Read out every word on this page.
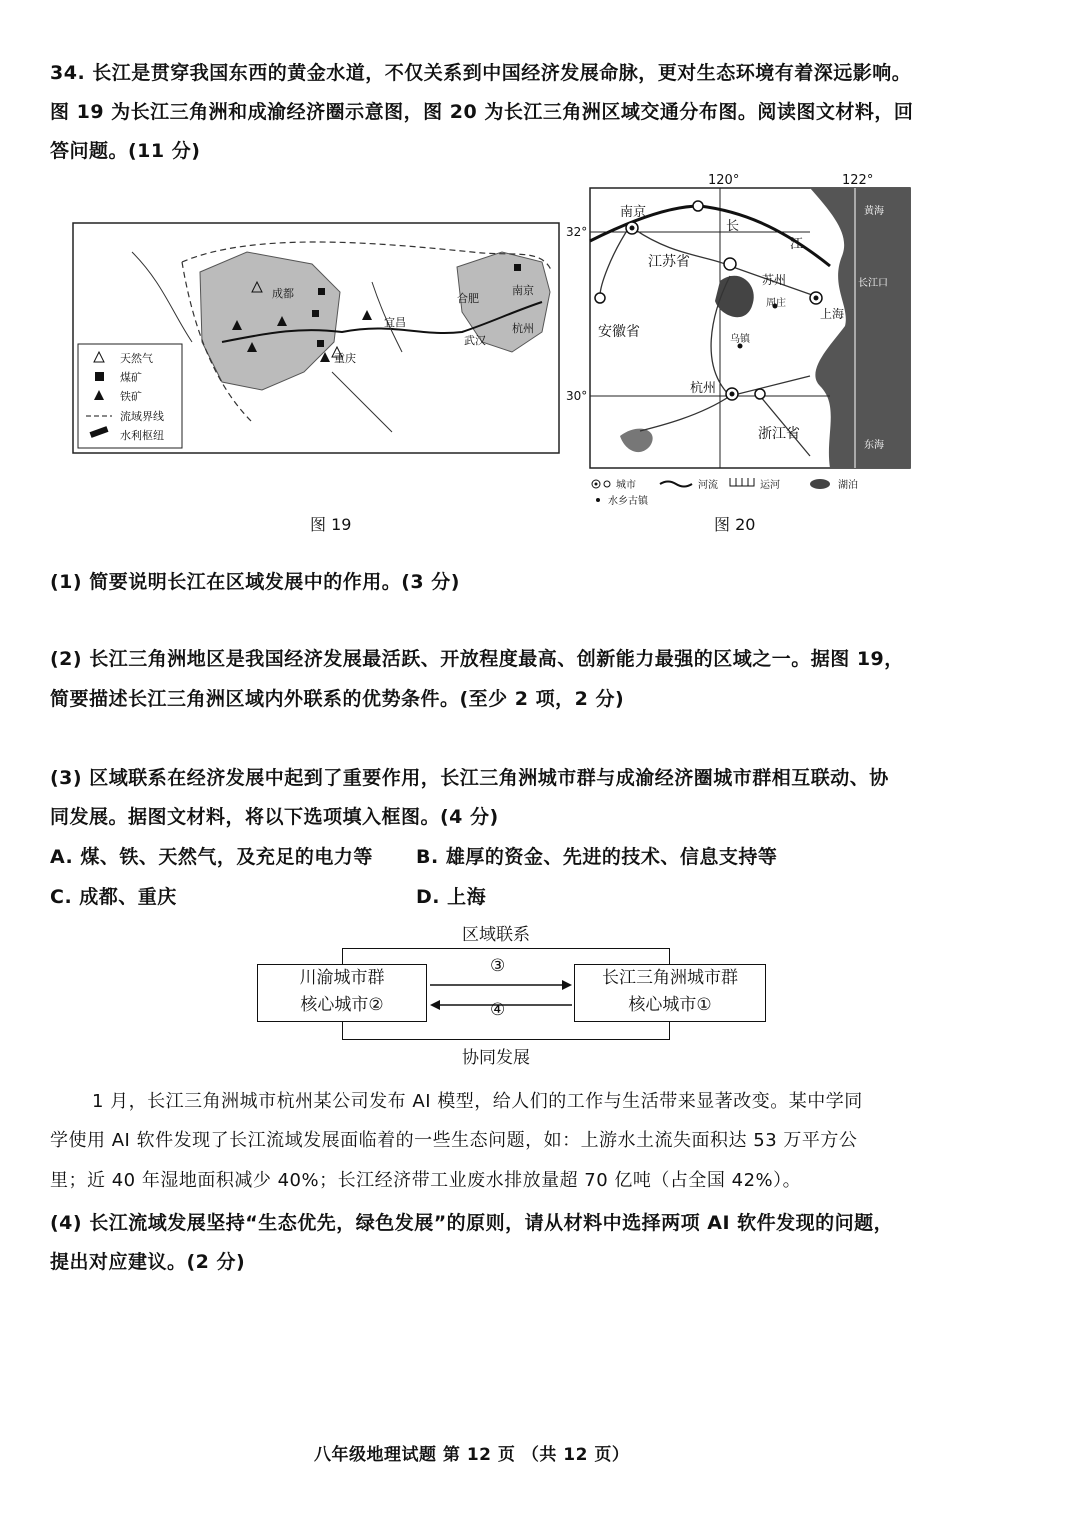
34. 长江是贯穿我国东西的黄金水道，不仅关系到中国经济发展命脉，更对生态环境有着深远影响。
图 19 为长江三角洲和成渝经济圈示意图，图 20 为长江三角洲区域交通分布图。阅读图文材料，回
答问题。(11 分)
成都
重庆
宜昌
合肥
南京
杭州
武汉
天然气
煤矿
铁矿
流域界线
水利枢纽
图 19
120°	122°
黄海
长江口
东海
32°
30°
南京
江苏省
长
江
苏州
周庄
上海
安徽省	乌镇
杭州
浙江省
城市	河流	运河	湖泊
水乡古镇
图 20
(1) 简要说明长江在区域发展中的作用。(3 分)
(2) 长江三角洲地区是我国经济发展最活跃、开放程度最高、创新能力最强的区域之一。据图 19，
简要描述长江三角洲区域内外联系的优势条件。(至少 2 项，2 分)
(3) 区域联系在经济发展中起到了重要作用，长江三角洲城市群与成渝经济圈城市群相互联动、协
同发展。据图文材料，将以下选项填入框图。(4 分)
A. 煤、铁、天然气，及充足的电力等 B. 雄厚的资金、先进的技术、信息支持等
C. 成都、重庆	D. 上海
区域联系
协同发展
川渝城市群
核心城市②
长江三角洲城市群
核心城市①
③
④
1 月，长江三角洲城市杭州某公司发布 AI 模型，给人们的工作与生活带来显著改变。某中学同
学使用 AI 软件发现了长江流域发展面临着的一些生态问题，如：上游水土流失面积达 53 万平方公
里；近 40 年湿地面积减少 40%；长江经济带工业废水排放量超 70 亿吨（占全国 42%）。
(4) 长江流域发展坚持“生态优先，绿色发展”的原则，请从材料中选择两项 AI 软件发现的问题，
提出对应建议。(2 分)
八年级地理试题 第 12 页 （共 12 页）
